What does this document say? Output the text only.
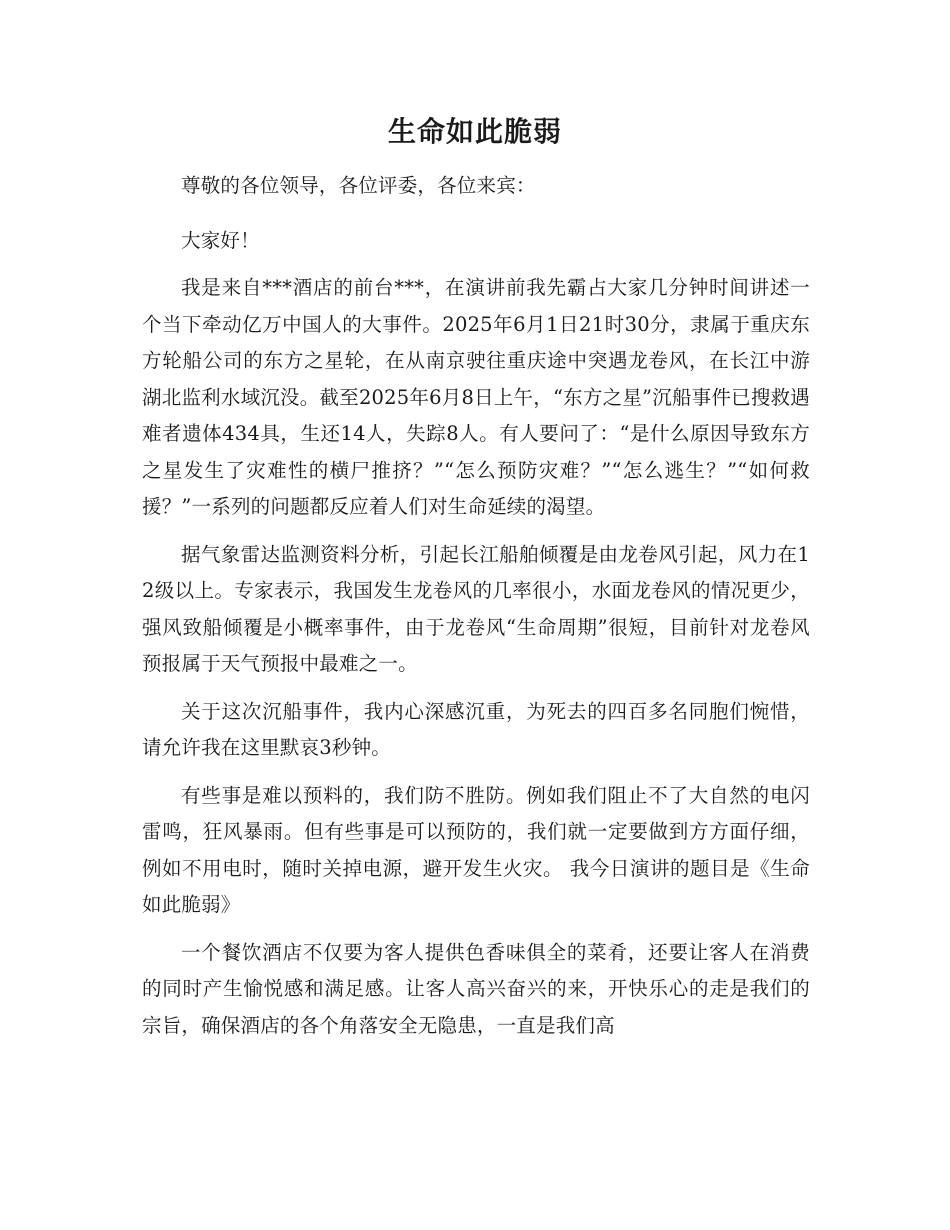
生命如此脆弱

尊敬的各位领导，各位评委，各位来宾：

大家好！

我是来自***酒店的前台***，在演讲前我先霸占大家几分钟时间讲述一个当下牵动亿万中国人的大事件。2025年6月1日21时30分，隶属于重庆东方轮船公司的东方之星轮，在从南京驶往重庆途中突遇龙卷风，在长江中游湖北监利水域沉没。截至2025年6月8日上午，“东方之星”沉船事件已搜救遇难者遗体434具，生还14人，失踪8人。有人要问了：“是什么原因导致东方之星发生了灾难性的横尸推挤？”“怎么预防灾难？”“怎么逃生？”“如何救援？”一系列的问题都反应着人们对生命延续的渴望。

据气象雷达监测资料分析，引起长江船舶倾覆是由龙卷风引起，风力在12级以上。专家表示，我国发生龙卷风的几率很小，水面龙卷风的情况更少，强风致船倾覆是小概率事件，由于龙卷风“生命周期”很短，目前针对龙卷风预报属于天气预报中最难之一。

关于这次沉船事件，我内心深感沉重，为死去的四百多名同胞们惋惜，请允许我在这里默哀3秒钟。

有些事是难以预料的，我们防不胜防。例如我们阻止不了大自然的电闪雷鸣，狂风暴雨。但有些事是可以预防的，我们就一定要做到方方面仔细，例如不用电时，随时关掉电源，避开发生火灾。 我今日演讲的题目是《生命如此脆弱》

一个餐饮酒店不仅要为客人提供色香味俱全的菜肴，还要让客人在消费的同时产生愉悦感和满足感。让客人高兴奋兴的来，开快乐心的走是我们的宗旨，确保酒店的各个角落安全无隐患，一直是我们高
